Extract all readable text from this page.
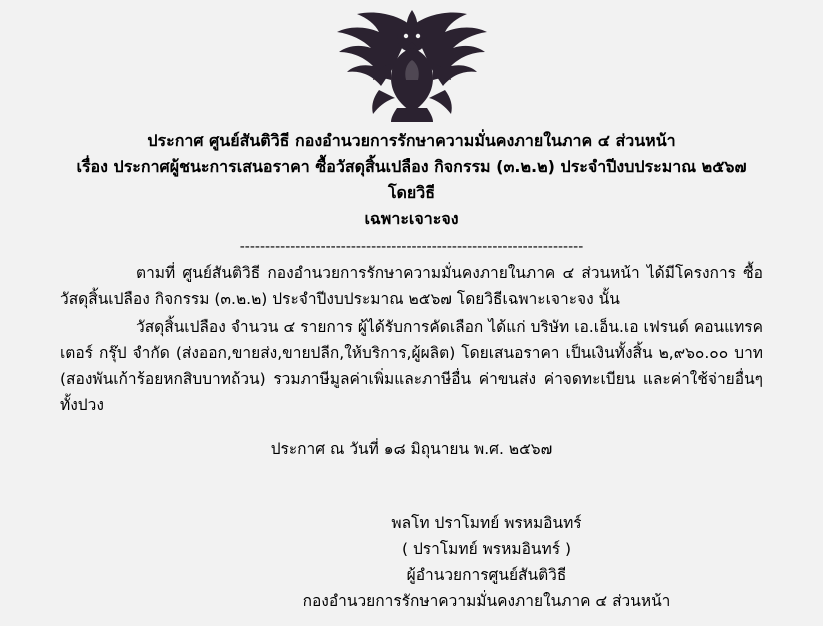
ประกาศ ศูนย์สันติวิธี กองอำนวยการรักษาความมั่นคงภายในภาค ๔ ส่วนหน้า
เรื่อง ประกาศผู้ชนะการเสนอราคา ซื้อวัสดุสิ้นเปลือง กิจกรรม (๓.๒.๒) ประจำปีงบประมาณ ๒๕๖๗ โดยวิธี
เฉพาะเจาะจง
--------------------------------------------------------------------

ตามที่ ศูนย์สันติวิธี กองอำนวยการรักษาความมั่นคงภายในภาค ๔ ส่วนหน้า ได้มีโครงการ ซื้อวัสดุสิ้นเปลือง กิจกรรม (๓.๒.๒) ประจำปีงบประมาณ ๒๕๖๗ โดยวิธีเฉพาะเจาะจง นั้น

วัสดุสิ้นเปลือง จำนวน ๔ รายการ ผู้ได้รับการคัดเลือก ได้แก่ บริษัท เอ.เอ็น.เอ เฟรนด์ คอนแทรคเตอร์ กรุ๊ป จำกัด (ส่งออก,ขายส่ง,ขายปลีก,ให้บริการ,ผู้ผลิต) โดยเสนอราคา เป็นเงินทั้งสิ้น ๒,๙๖๐.๐๐ บาท (สองพันเก้าร้อยหกสิบบาทถ้วน) รวมภาษีมูลค่าเพิ่มและภาษีอื่น ค่าขนส่ง ค่าจดทะเบียน และค่าใช้จ่ายอื่นๆ ทั้งปวง

ประกาศ ณ วันที่ ๑๘ มิถุนายน พ.ศ. ๒๕๖๗
พลโท ปราโมทย์ พรหมอินทร์
( ปราโมทย์ พรหมอินทร์ )
ผู้อำนวยการศูนย์สันติวิธี
กองอำนวยการรักษาความมั่นคงภายในภาค ๔ ส่วนหน้า
